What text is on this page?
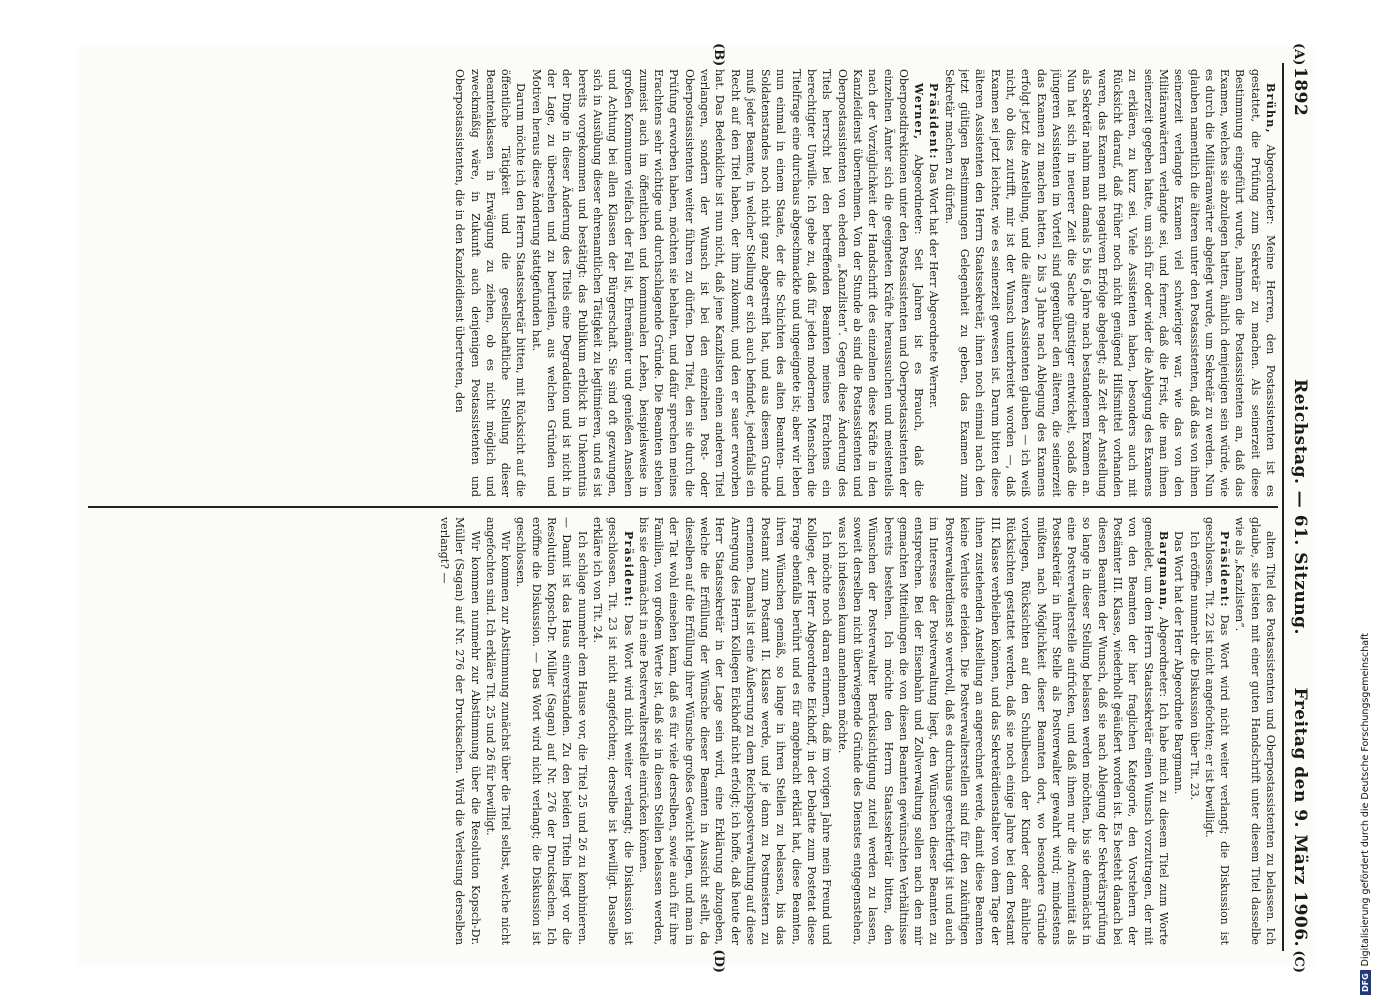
1892
Reichstag. — 61. Sitzung.
Freitag den 9. März 1906.
(A)
(B)
(C)
(D)

Brühn, Abgeordneter: Meine Herren, den Postassistenten ist es gestattet, die Prüfung zum Sekretär zu machen. Als seinerzeit diese Bestimmung eingeführt wurde, nahmen die Postassistenten an, daß das Examen, welches sie abzulegen hatten, ähnlich demjenigen sein würde, wie es durch die Militäranwärter abgelegt wurde, um Sekretär zu werden. Nun glauben namentlich die älteren unter den Postassistenten, daß das von ihnen seinerzeit verlangte Examen viel schwieriger war, wie das von den Militäranwärtern verlangte sei, und ferner, daß die Frist, die man ihnen seinerzeit gegeben hatte, um sich für oder wider die Ablegung des Examens zu erklären, zu kurz sei. Viele Assistenten haben, besonders auch mit Rücksicht darauf, daß früher noch nicht genügend Hilfsmittel vorhanden waren, das Examen mit negativem Erfolge abgelegt; als Zeit der Anstellung als Sekretär nahm man damals 5 bis 6 Jahre nach bestandenem Examen an. Nun hat sich in neuerer Zeit die Sache günstiger entwickelt, sodaß die jüngeren Assistenten im Vorteil sind gegenüber den älteren, die seinerzeit das Examen zu machen hatten. 2 bis 3 Jahre nach Ablegung des Examens erfolgt jetzt die Anstellung, und die älteren Assistenten glauben — ich weiß nicht, ob dies zutrifft, mir ist der Wunsch unterbreitet worden —, daß Examen sei jetzt leichter, wie es seinerzeit gewesen ist. Darum bitten diese älteren Assistenten den Herrn Staatssekretär, ihnen noch einmal nach den jetzt gültigen Bestimmungen Gelegenheit zu geben, das Examen zum Sekretär machen zu dürfen.

Präsident: Das Wort hat der Herr Abgeordnete Werner.

Werner, Abgeordneter: Seit Jahren ist es Brauch, daß die Oberpostdirektionen unter den Postassistenten und Oberpostassistenten der einzelnen Ämter sich die geeigneten Kräfte heraussuchen und meistenteils nach der Vorzüglichkeit der Handschrift des einzelnen diese Kräfte in den Kanzleidienst übernehmen. Von der Stunde ab sind die Postassistenten und Oberpostassistenten von ehedem „Kanzlisten“. Gegen diese Änderung des Titels herrscht bei den betreffenden Beamten meines Erachtens ein berechtigter Unwille. Ich gebe zu, daß für jeden modernen Menschen die Titelfrage eine durchaus abgeschmackte und ungeeignete ist; aber wir leben nun einmal in einem Staate, der die Schichten des alten Beamten- und Soldatenstandes noch nicht ganz abgestreift hat, und aus diesem Grunde muß jeder Beamte, in welcher Stellung er sich auch befindet, jedenfalls ein Recht auf den Titel haben, der ihm zukommt, und den er sauer erworben hat. Das Bedenkliche ist nun nicht, daß jene Kanzlisten einen anderen Titel verlangen, sondern der Wunsch ist bei den einzelnen Post- oder Oberpostassistenten weiter führen zu dürfen. Den Titel, den sie durch die Prüfung erworben haben, möchten sie behalten, und dafür sprechen meines Erachtens sehr wichtige und durchschlagende Gründe. Die Beamten stehen zumeist auch im öffentlichen und kommunalen Leben, beispielsweise in großen Kommunen vielfach der Fall ist, Ehrenämter und genießen Ansehen und Achtung bei allen Klassen der Bürgerschaft. Sie sind oft gezwungen, sich in Ausübung dieser ehrenamtlichen Tätigkeit zu legitimieren, und es ist bereits vorgekommen und bestätigt: das Publikum erblickt in Unkenntnis der Dinge in dieser Änderung des Titels eine Degradation und ist nicht in der Lage, zu übersehen und zu beurteilen, aus welchen Gründen und Motiven heraus diese Änderung stattgefunden hat.

Darum möchte ich den Herrn Staatssekretär bitten, mit Rücksicht auf die öffentliche Tätigkeit und die gesellschaftliche Stellung dieser Beamtenklassen in Erwägung zu ziehen, ob es nicht möglich und zweckmäßig wäre, in Zukunft auch denjenigen Postassistenten und Oberpostassistenten, die in den Kanzleidienst übertreten, den

alten Titel des Postassistenten und Oberpostassistenten zu belassen. Ich glaube, sie leisten mit einer guten Handschrift unter diesem Titel dasselbe wie als „Kanzlisten“.

Präsident: Das Wort wird nicht weiter verlangt; die Diskussion ist geschlossen. Tit. 22 ist nicht angefochten; er ist bewilligt.

Ich eröffne nunmehr die Diskussion über Tit. 23.

Das Wort hat der Herr Abgeordnete Bargmann.

Bargmann, Abgeordneter: Ich habe mich zu diesem Titel zum Worte gemeldet, um dem Herrn Staatssekretär einen Wunsch vorzutragen, der mit von den Beamten der hier fraglichen Kategorie, den Vorstehern der Postämter III. Klasse, wiederholt geäußert worden ist. Es besteht danach bei diesen Beamten der Wunsch, daß sie nach Ablegung der Sekretärsprüfung so lange in dieser Stellung belassen werden möchten, bis sie demnächst in eine Postverwalterstelle aufrücken, und daß ihnen nur die Anciennität als Postsekretär in ihrer Stelle als Postverwalter gewahrt wird; mindestens müßten nach Möglichkeit dieser Beamten dort, wo besondere Gründe vorliegen, Rücksichten auf den Schulbesuch der Kinder oder ähnliche Rücksichten gestattet werden, daß sie noch einige Jahre bei dem Postamt III. Klasse verbleiben können, und das Sekretärdienstalter von dem Tage der ihnen zustehenden Anstellung an angerechnet werde, damit diese Beamten keine Verluste erleiden. Die Postverwalterstellen sind für den zukünftigen Postverwalterdienst so wertvoll, daß es durchaus gerechtfertigt ist und auch im Interesse der Postverwaltung liegt, den Wünschen dieser Beamten zu entsprechen. Bei der Eisenbahn und Zollverwaltung sollen nach den mir gemachten Mitteilungen die von diesen Beamten gewünschten Verhältnisse bereits bestehen. Ich möchte den Herrn Staatssekretär bitten, den Wünschen der Postverwalter Berücksichtigung zuteil werden zu lassen, soweit derselben nicht überwiegende Gründe des Dienstes entgegenstehen, was ich indessen kaum annehmen möchte.

Ich möchte noch daran erinnern, daß im vorigen Jahre mein Freund und Kollege, der Herr Abgeordnete Eickhoff, in der Debatte zum Postetat diese Frage ebenfalls berührt und es für angebracht erklärt hat, diese Beamten, ihren Wünschen gemäß, so lange in ihren Stellen zu belassen, bis das Postamt zum Postamt II. Klasse werde, und je dann zu Postmeistern zu ernennen. Damals ist eine Äußerung zu dem Reichspostverwaltung auf diese Anregung des Herrn Kollegen Eickhoff nicht erfolgt; ich hoffe, daß heute der Herr Staatssekretär in der Lage sein wird, eine Erklärung abzugeben, welche die Erfüllung der Wünsche dieser Beamten in Aussicht stellt, da dieselben auf die Erfüllung ihrer Wünsche großes Gewicht legen, und man in der Tat wohl einsehen kann, daß es für viele derselben, sowie auch für ihre Familien, von großem Werte ist, daß sie in diesen Stellen belassen werden, bis sie demnächst in eine Postverwalterstelle einrücken können.

Präsident: Das Wort wird nicht weiter verlangt; die Diskussion ist geschlossen. Tit. 23 ist nicht angefochten; derselbe ist bewilligt. Dasselbe erkläre ich von Tit. 24.

Ich schlage nunmehr dem Hause vor, die Titel 25 und 26 zu kombinieren. — Damit ist das Haus einverstanden. Zu den beiden Titeln liegt vor die Resolution Kopsch-Dr. Müller (Sagan) auf Nr. 276 der Drucksachen. Ich eröffne die Diskussion. — Das Wort wird nicht verlangt; die Diskussion ist geschlossen.

Wir kommen zur Abstimmung zunächst über die Titel selbst, welche nicht angefochten sind. Ich erkläre Tit. 25 und 26 für bewilligt.

Wir kommen nunmehr zur Abstimmung über die Resolution Kopsch-Dr. Müller (Sagan) auf Nr. 276 der Drucksachen. Wird die Verlesung derselben verlangt? —

DFGDigitalisierung gefördert durch die Deutsche Forschungsgemeinschaft
